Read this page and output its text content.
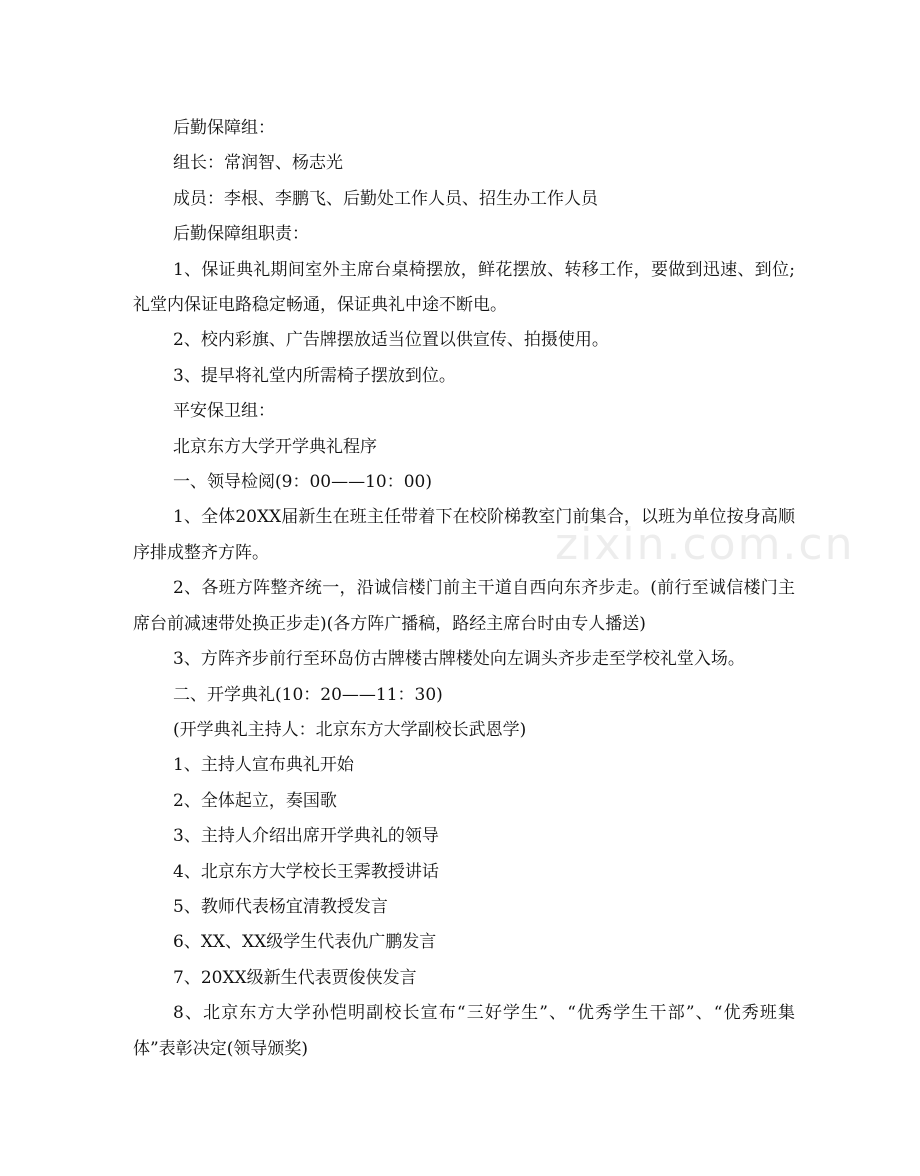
后勤保障组：

组长：常润智、杨志光

成员：李根、李鹏飞、后勤处工作人员、招生办工作人员

后勤保障组职责：

1、保证典礼期间室外主席台桌椅摆放，鲜花摆放、转移工作，要做到迅速、到位;礼堂内保证电路稳定畅通，保证典礼中途不断电。

2、校内彩旗、广告牌摆放适当位置以供宣传、拍摄使用。

3、提早将礼堂内所需椅子摆放到位。

平安保卫组：

北京东方大学开学典礼程序

一、领导检阅(9：00——10：00)

1、全体20XX届新生在班主任带着下在校阶梯教室门前集合，以班为单位按身高顺序排成整齐方阵。

2、各班方阵整齐统一，沿诚信楼门前主干道自西向东齐步走。(前行至诚信楼门主席台前减速带处换正步走)(各方阵广播稿，路经主席台时由专人播送)

3、方阵齐步前行至环岛仿古牌楼古牌楼处向左调头齐步走至学校礼堂入场。

二、开学典礼(10：20——11：30)

(开学典礼主持人：北京东方大学副校长武恩学)

1、主持人宣布典礼开始

2、全体起立，奏国歌

3、主持人介绍出席开学典礼的领导

4、北京东方大学校长王霁教授讲话

5、教师代表杨宜清教授发言

6、XX、XX级学生代表仇广鹏发言

7、20XX级新生代表贾俊侠发言

8、北京东方大学孙恺明副校长宣布“三好学生”、“优秀学生干部”、“优秀班集体”表彰决定(领导颁奖)

zixin.com.cn
